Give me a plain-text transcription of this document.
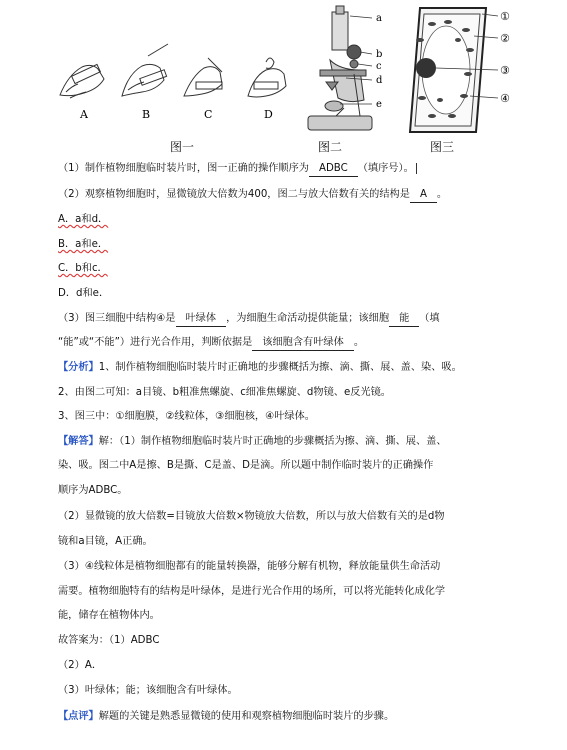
A	B	C	D
a
b
c
d
e
①
②
③
④
图一	图二	图三
（1）制作植物细胞临时装片时，图一正确的操作顺序为 ADBC （填序号）。
（2）观察植物细胞时，显微镜放大倍数为400，图二与放大倍数有关的结构是 A 。
A．a和d．
B．a和e．
C．b和c．
D．d和e．
（3）图三细胞中结构④是 叶绿体 ，为细胞生命活动提供能量；该细胞 能 （填
“能”或“不能”）进行光合作用，判断依据是 该细胞含有叶绿体 。
【分析】1、制作植物细胞临时装片时正确地的步骤概括为擦、滴、撕、展、盖、染、吸。
2、由图二可知：a目镜、b粗准焦螺旋、c细准焦螺旋、d物镜、e反光镜。
3、图三中：①细胞膜，②线粒体，③细胞核，④叶绿体。
【解答】解：（1）制作植物细胞临时装片时正确地的步骤概括为擦、滴、撕、展、盖、
染、吸。图二中A是擦、B是撕、C是盖、D是滴。所以题中制作临时装片的正确操作
顺序为ADBC。
（2）显微镜的放大倍数=目镜放大倍数×物镜放大倍数，所以与放大倍数有关的是d物
镜和a目镜，A正确。
（3）④线粒体是植物细胞都有的能量转换器，能够分解有机物，释放能量供生命活动
需要。植物细胞特有的结构是叶绿体，是进行光合作用的场所，可以将光能转化成化学
能，储存在植物体内。
故答案为：（1）ADBC
（2）A．
（3）叶绿体；能；该细胞含有叶绿体。
【点评】解题的关键是熟悉显微镜的使用和观察植物细胞临时装片的步骤。
